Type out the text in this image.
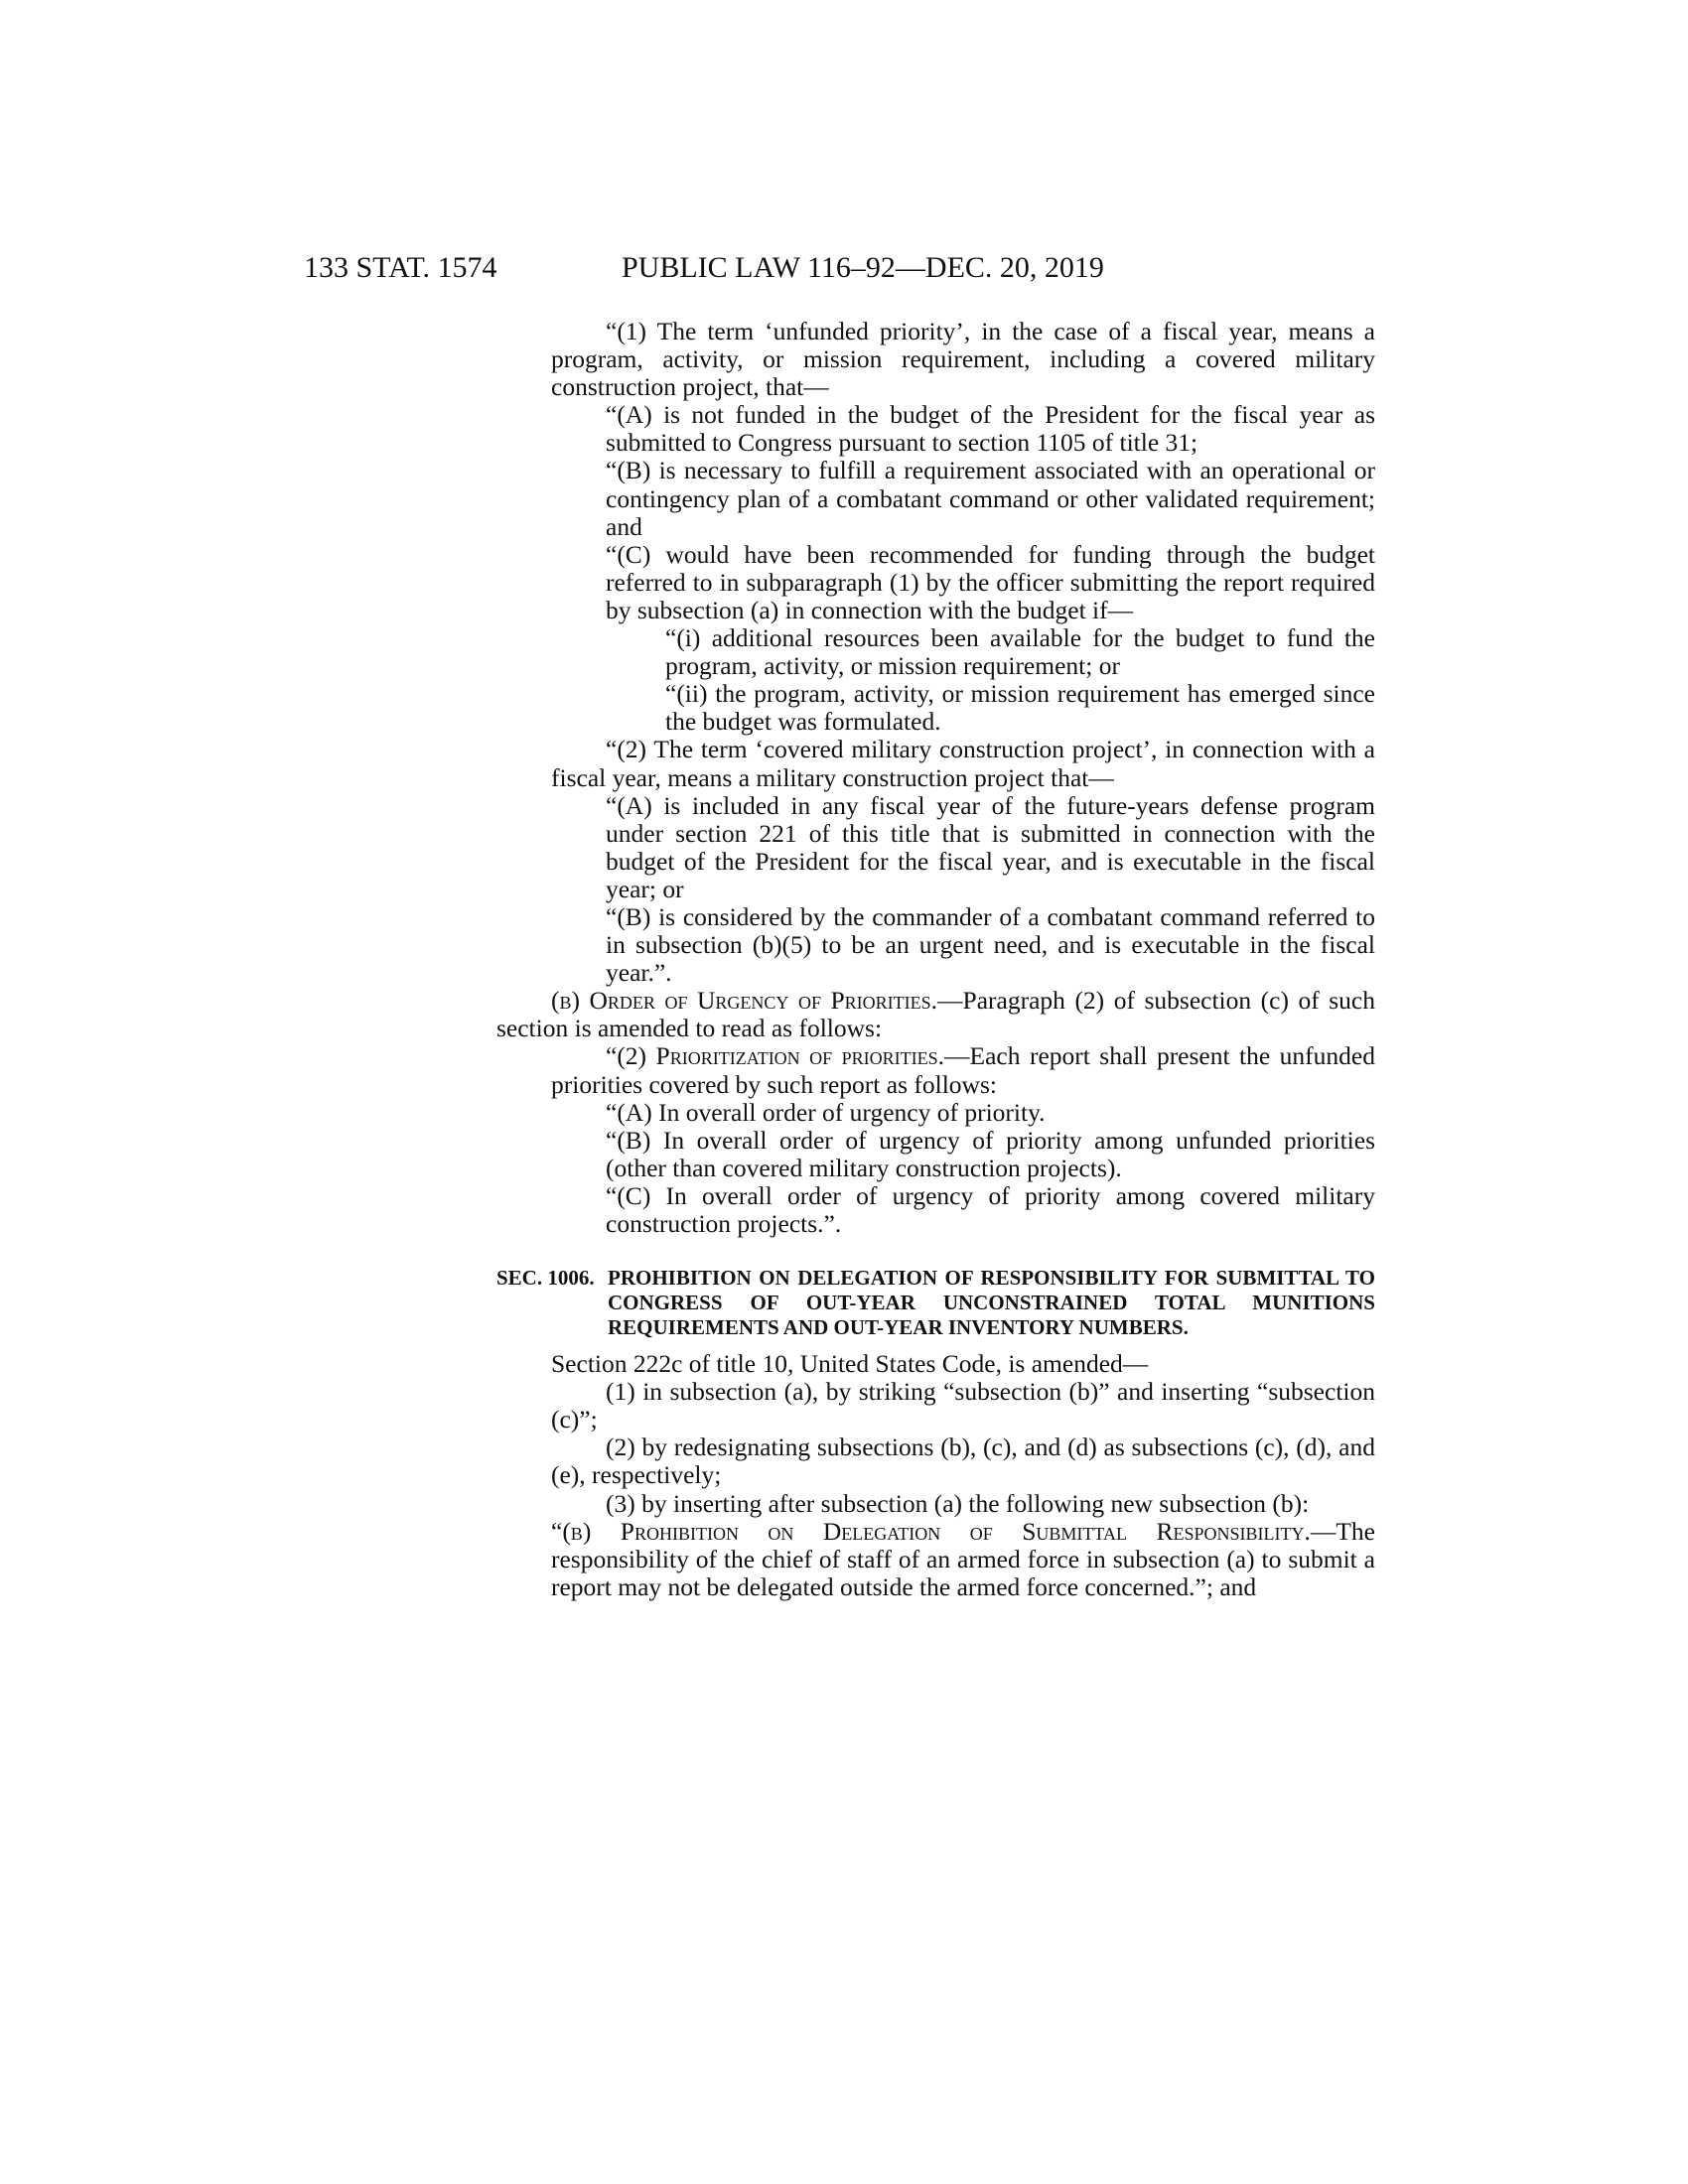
133 STAT. 1574	PUBLIC LAW 116–92—DEC. 20, 2019

“(1) The term ‘unfunded priority’, in the case of a fiscal year, means a program, activity, or mission requirement, including a covered military construction project, that—

“(A) is not funded in the budget of the President for the fiscal year as submitted to Congress pursuant to section 1105 of title 31;

“(B) is necessary to fulfill a requirement associated with an operational or contingency plan of a combatant command or other validated requirement; and

“(C) would have been recommended for funding through the budget referred to in subparagraph (1) by the officer submitting the report required by subsection (a) in connection with the budget if—

“(i) additional resources been available for the budget to fund the program, activity, or mission requirement; or

“(ii) the program, activity, or mission requirement has emerged since the budget was formulated.

“(2) The term ‘covered military construction project’, in connection with a fiscal year, means a military construction project that—

“(A) is included in any fiscal year of the future-years defense program under section 221 of this title that is submitted in connection with the budget of the President for the fiscal year, and is executable in the fiscal year; or

“(B) is considered by the commander of a combatant command referred to in subsection (b)(5) to be an urgent need, and is executable in the fiscal year.”.

(b) Order of Urgency of Priorities.—Paragraph (2) of subsection (c) of such section is amended to read as follows:

“(2) Prioritization of priorities.—Each report shall present the unfunded priorities covered by such report as follows:

“(A) In overall order of urgency of priority.

“(B) In overall order of urgency of priority among unfunded priorities (other than covered military construction projects).

“(C) In overall order of urgency of priority among covered military construction projects.”.

SEC. 1006. PROHIBITION ON DELEGATION OF RESPONSIBILITY FOR SUBMITTAL TO CONGRESS OF OUT-YEAR UNCONSTRAINED TOTAL MUNITIONS REQUIREMENTS AND OUT-YEAR INVENTORY NUMBERS.

Section 222c of title 10, United States Code, is amended—

(1) in subsection (a), by striking “subsection (b)” and inserting “subsection (c)”;

(2) by redesignating subsections (b), (c), and (d) as subsections (c), (d), and (e), respectively;

(3) by inserting after subsection (a) the following new subsection (b):

“(b) Prohibition on Delegation of Submittal Responsibility.—The responsibility of the chief of staff of an armed force in subsection (a) to submit a report may not be delegated outside the armed force concerned.”; and
